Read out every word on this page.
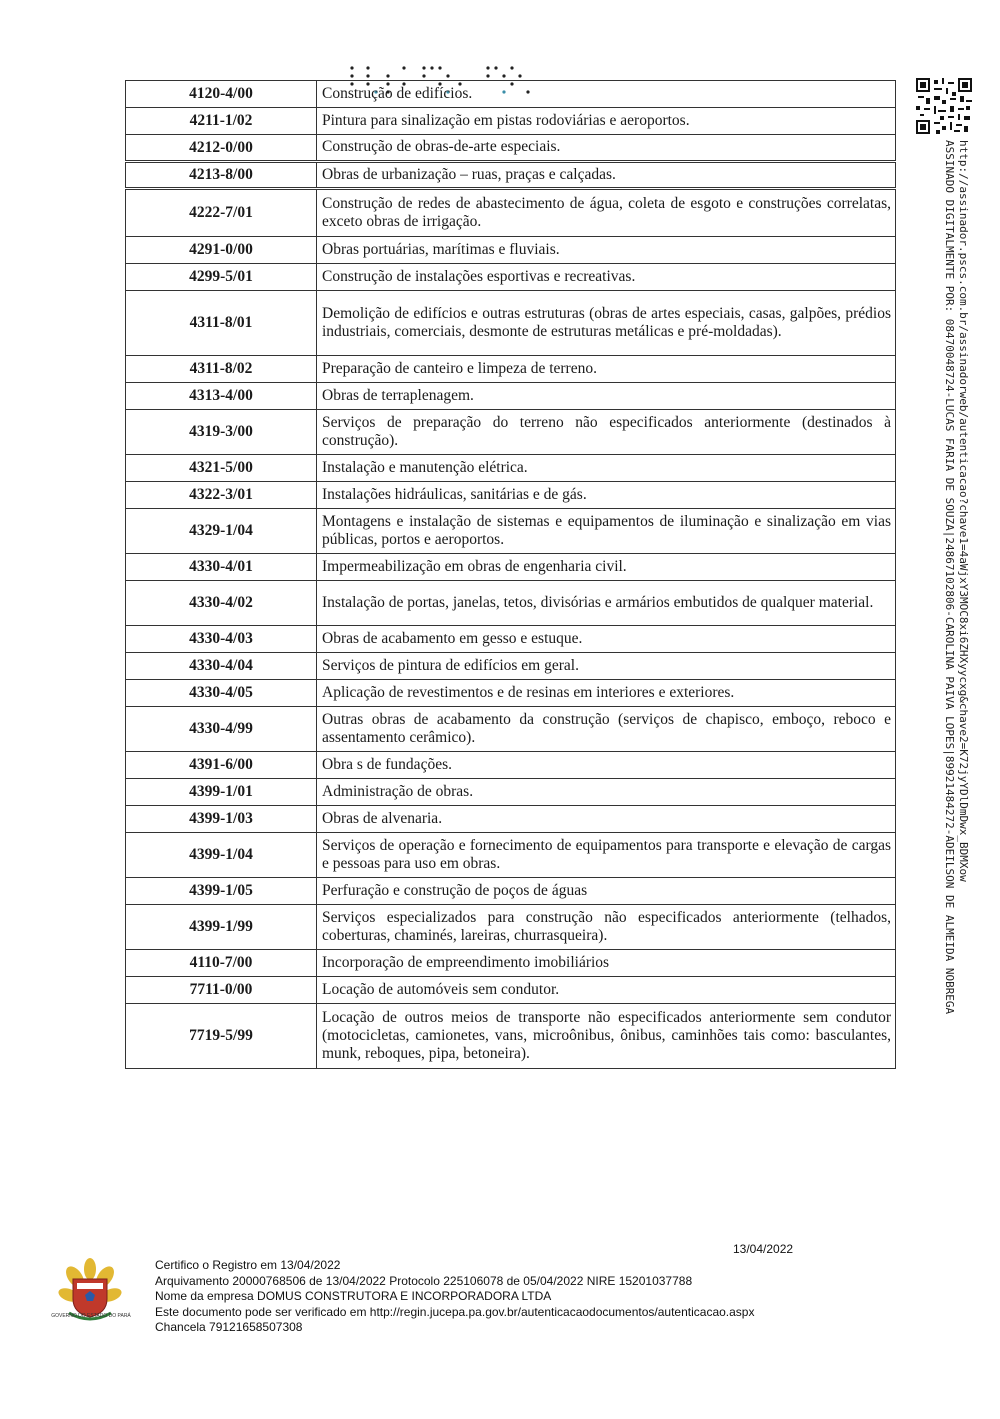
4120-4/00	Construção de edifícios.
4211-1/02	Pintura para sinalização em pistas rodoviárias e aeroportos.
4212-0/00	Construção de obras-de-arte especiais.
4213-8/00	Obras de urbanização – ruas, praças e calçadas.
4222-7/01	Construção de redes de abastecimento de água, coleta de esgoto e construções correlatas, exceto obras de irrigação.
4291-0/00	Obras portuárias, marítimas e fluviais.
4299-5/01	Construção de instalações esportivas e recreativas.
4311-8/01	Demolição de edifícios e outras estruturas (obras de artes especiais, casas, galpões, prédios industriais, comerciais, desmonte de estruturas metálicas e pré-moldadas).
4311-8/02	Preparação de canteiro e limpeza de terreno.
4313-4/00	Obras de terraplenagem.
4319-3/00	Serviços de preparação do terreno não especificados anteriormente (destinados à construção).
4321-5/00	Instalação e manutenção elétrica.
4322-3/01	Instalações hidráulicas, sanitárias e de gás.
4329-1/04	Montagens e instalação de sistemas e equipamentos de iluminação e sinalização em vias públicas, portos e aeroportos.
4330-4/01	Impermeabilização em obras de engenharia civil.
4330-4/02	Instalação de portas, janelas, tetos, divisórias e armários embutidos de qualquer material.
4330-4/03	Obras de acabamento em gesso e estuque.
4330-4/04	Serviços de pintura de edifícios em geral.
4330-4/05	Aplicação de revestimentos e de resinas em interiores e exteriores.
4330-4/99	Outras obras de acabamento da construção (serviços de chapisco, emboço, reboco e assentamento cerâmico).
4391-6/00	Obra s de fundações.
4399-1/01	Administração de obras.
4399-1/03	Obras de alvenaria.
4399-1/04	Serviços de operação e fornecimento de equipamentos para transporte e elevação de cargas e pessoas para uso em obras.
4399-1/05	Perfuração e construção de poços de águas
4399-1/99	Serviços especializados para construção não especificados anteriormente (telhados, coberturas, chaminés, lareiras, churrasqueira).
4110-7/00	Incorporação de empreendimento imobiliários
7711-0/00	Locação de automóveis sem condutor.
7719-5/99	Locação de outros meios de transporte não especificados anteriormente sem condutor (motocicletas, camionetes, vans, microônibus, ônibus, caminhões tais como: basculantes, munk, reboques, pipa, betoneira).
http://assinador.pscs.com.br/assinadorweb/autenticacao?chave1=4aWjxY3MOC8xi6ZHXyycxg&chave2=K72jyYDlDmDwx_BDMXow
ASSINADO DIGITALMENTE POR: 08470048724-LUCAS FARIA DE SOUZA|24867102806-CAROLINA PAIVA LOPES|89921484272-ADEILSON DE ALMEIDA NOBREGA
GOVERNO DO ESTADO DO PARÁ
13/04/2022
Certifico o Registro em 13/04/2022
Arquivamento 20000768506 de 13/04/2022 Protocolo 225106078 de 05/04/2022 NIRE 15201037788
Nome da empresa DOMUS CONSTRUTORA E INCORPORADORA LTDA
Este documento pode ser verificado em http://regin.jucepa.pa.gov.br/autenticacaodocumentos/autenticacao.aspx
Chancela 79121658507308
